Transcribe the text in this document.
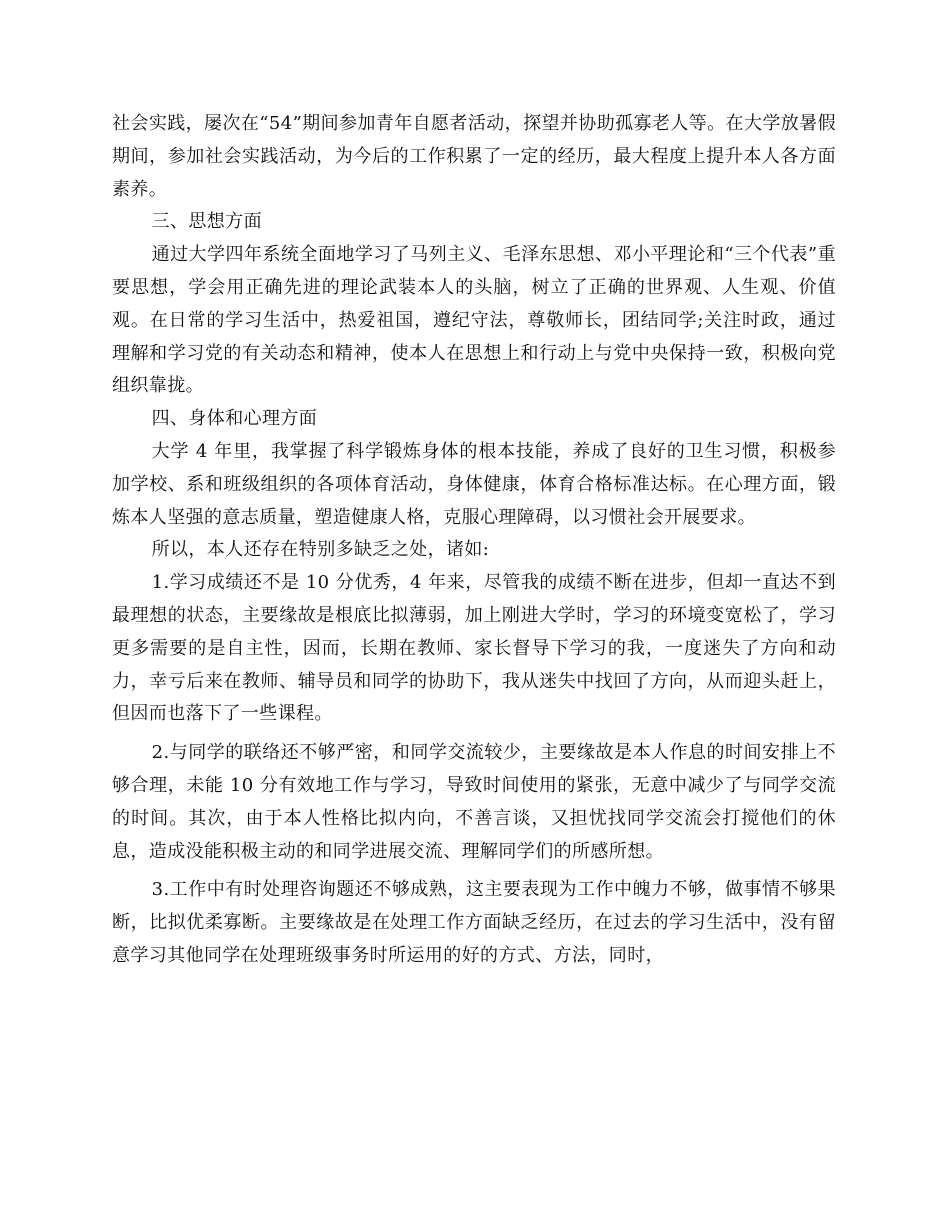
社会实践，屡次在“54”期间参加青年自愿者活动，探望并协助孤寡老人等。在大学放暑假期间，参加社会实践活动，为今后的工作积累了一定的经历，最大程度上提升本人各方面素养。

三、思想方面

通过大学四年系统全面地学习了马列主义、毛泽东思想、邓小平理论和“三个代表”重要思想，学会用正确先进的理论武装本人的头脑，树立了正确的世界观、人生观、价值观。在日常的学习生活中，热爱祖国，遵纪守法，尊敬师长，团结同学;关注时政，通过理解和学习党的有关动态和精神，使本人在思想上和行动上与党中央保持一致，积极向党组织靠拢。

四、身体和心理方面

大学 4 年里，我掌握了科学锻炼身体的根本技能，养成了良好的卫生习惯，积极参加学校、系和班级组织的各项体育活动，身体健康，体育合格标准达标。在心理方面，锻炼本人坚强的意志质量，塑造健康人格，克服心理障碍，以习惯社会开展要求。

所以，本人还存在特别多缺乏之处，诸如:

1.学习成绩还不是 10 分优秀，4 年来，尽管我的成绩不断在进步，但却一直达不到最理想的状态，主要缘故是根底比拟薄弱，加上刚进大学时，学习的环境变宽松了，学习更多需要的是自主性，因而，长期在教师、家长督导下学习的我，一度迷失了方向和动力，幸亏后来在教师、辅导员和同学的协助下，我从迷失中找回了方向，从而迎头赶上，但因而也落下了一些课程。

2.与同学的联络还不够严密，和同学交流较少，主要缘故是本人作息的时间安排上不够合理，未能 10 分有效地工作与学习，导致时间使用的紧张，无意中减少了与同学交流的时间。其次，由于本人性格比拟内向，不善言谈，又担忧找同学交流会打搅他们的休息，造成没能积极主动的和同学进展交流、理解同学们的所感所想。

3.工作中有时处理咨询题还不够成熟，这主要表现为工作中魄力不够，做事情不够果断，比拟优柔寡断。主要缘故是在处理工作方面缺乏经历，在过去的学习生活中，没有留意学习其他同学在处理班级事务时所运用的好的方式、方法，同时，
